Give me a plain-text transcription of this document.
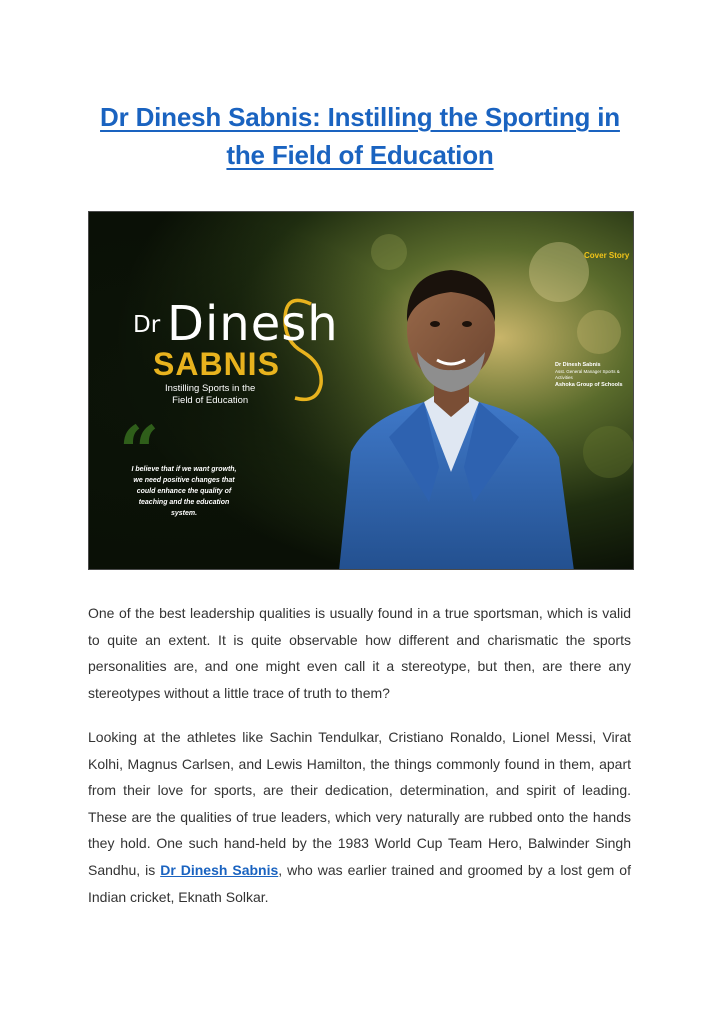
Dr Dinesh Sabnis: Instilling the Sporting in the Field of Education
Cover Story
Dr Dinesh
SABNIS
Instilling Sports in the
Field of Education
“
I believe that if we want growth, we need positive changes that could enhance the quality of teaching and the education system.
Dr Dinesh Sabnis
Asst. General Manager Sports & Activities
Ashoka Group of Schools

One of the best leadership qualities is usually found in a true sportsman, which is valid to quite an extent. It is quite observable how different and charismatic the sports personalities are, and one might even call it a stereotype, but then, are there any stereotypes without a little trace of truth to them?

Looking at the athletes like Sachin Tendulkar, Cristiano Ronaldo, Lionel Messi, Virat Kolhi, Magnus Carlsen, and Lewis Hamilton, the things commonly found in them, apart from their love for sports, are their dedication, determination, and spirit of leading. These are the qualities of true leaders, which very naturally are rubbed onto the hands they hold. One such hand-held by the 1983 World Cup Team Hero, Balwinder Singh Sandhu, is Dr Dinesh Sabnis, who was earlier trained and groomed by a lost gem of Indian cricket, Eknath Solkar.
